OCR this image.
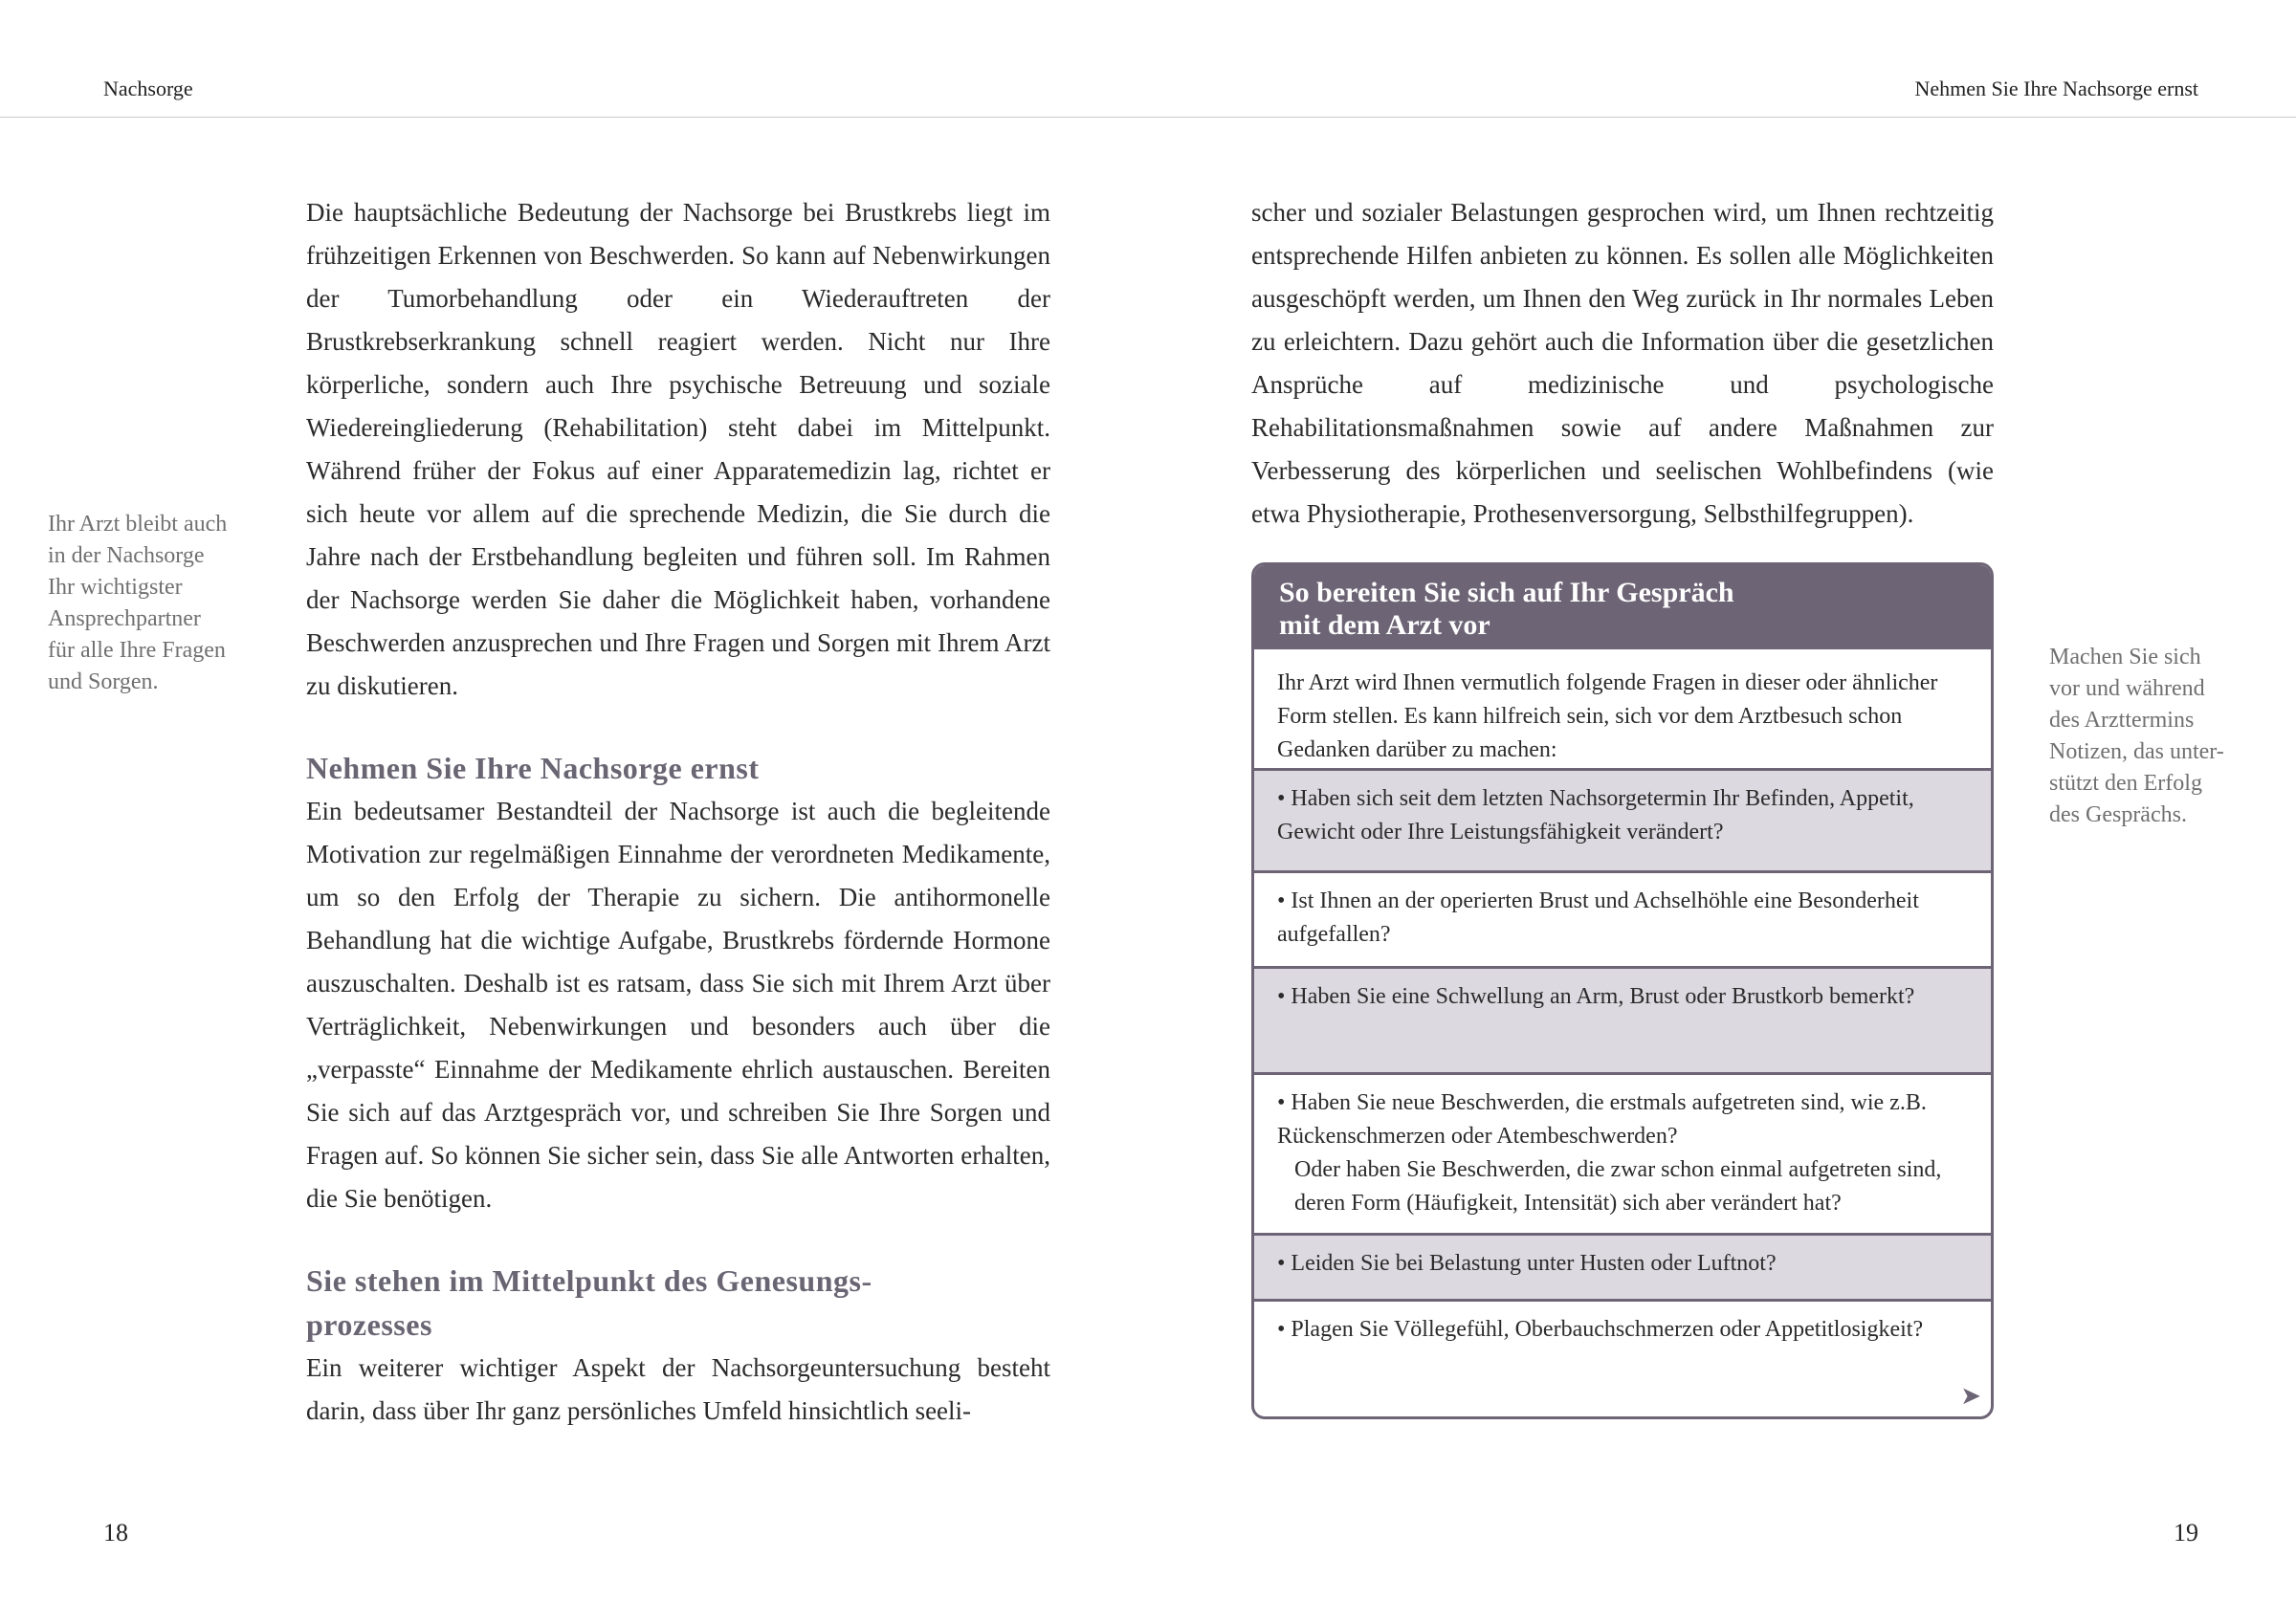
Nachsorge	Nehmen Sie Ihre Nachsorge ernst
Ihr Arzt bleibt auch
in der Nachsorge
Ihr wichtigster
Ansprechpartner
für alle Ihre Fragen
und Sorgen.

Die hauptsächliche Bedeutung der Nachsorge bei Brustkrebs liegt im frühzeitigen Erkennen von Beschwerden. So kann auf Nebenwirkungen der Tumorbehandlung oder ein Wiederauftreten der Brustkrebserkrankung schnell reagiert werden. Nicht nur Ihre körperliche, sondern auch Ihre psychische Betreuung und soziale Wiedereingliederung (Rehabilitation) steht dabei im Mittelpunkt. Während früher der Fokus auf einer Apparatemedizin lag, richtet er sich heute vor allem auf die sprechende Medizin, die Sie durch die Jahre nach der Erstbehandlung begleiten und führen soll. Im Rahmen der Nachsorge werden Sie daher die Möglichkeit haben, vorhandene Beschwerden anzusprechen und Ihre Fragen und Sorgen mit Ihrem Arzt zu diskutieren.

Nehmen Sie Ihre Nachsorge ernst

Ein bedeutsamer Bestandteil der Nachsorge ist auch die begleitende Motivation zur regelmäßigen Einnahme der verordneten Medikamente, um so den Erfolg der Therapie zu sichern. Die antihormonelle Behandlung hat die wichtige Aufgabe, Brustkrebs fördernde Hormone auszuschalten. Deshalb ist es ratsam, dass Sie sich mit Ihrem Arzt über Verträglichkeit, Nebenwirkungen und besonders auch über die „verpasste“ Einnahme der Medikamente ehrlich austauschen. Bereiten Sie sich auf das Arztgespräch vor, und schreiben Sie Ihre Sorgen und Fragen auf. So können Sie sicher sein, dass Sie alle Antworten erhalten, die Sie benötigen.

Sie stehen im Mittelpunkt des Genesungs-
prozesses

Ein weiterer wichtiger Aspekt der Nachsorgeuntersuchung besteht darin, dass über Ihr ganz persönliches Umfeld hinsichtlich seeli-

scher und sozialer Belastungen gesprochen wird, um Ihnen rechtzeitig entsprechende Hilfen anbieten zu können. Es sollen alle Möglichkeiten ausgeschöpft werden, um Ihnen den Weg zurück in Ihr normales Leben zu erleichtern. Dazu gehört auch die Information über die gesetzlichen Ansprüche auf medizinische und psychologische Rehabilitationsmaßnahmen sowie auf andere Maßnahmen zur Verbesserung des körperlichen und seelischen Wohlbefindens (wie etwa Physiotherapie, Prothesenversorgung, Selbsthilfegruppen).

So bereiten Sie sich auf Ihr Gespräch
mit dem Arzt vor
Ihr Arzt wird Ihnen vermutlich folgende Fragen in dieser oder ähnlicher Form stellen. Es kann hilfreich sein, sich vor dem Arztbesuch schon Gedanken darüber zu machen:
• Haben sich seit dem letzten Nachsorgetermin Ihr Befinden, Appetit, Gewicht oder Ihre Leistungsfähigkeit verändert?
• Ist Ihnen an der operierten Brust und Achselhöhle eine Besonderheit aufgefallen?
• Haben Sie eine Schwellung an Arm, Brust oder Brustkorb bemerkt?
• Haben Sie neue Beschwerden, die erstmals aufgetreten sind, wie z.B. Rückenschmerzen oder Atembeschwerden?
Oder haben Sie Beschwerden, die zwar schon einmal aufgetreten sind, deren Form (Häufigkeit, Intensität) sich aber verändert hat?
• Leiden Sie bei Belastung unter Husten oder Luftnot?
• Plagen Sie Völlegefühl, Oberbauchschmerzen oder Appetitlosigkeit?
➤
Machen Sie sich
vor und während
des Arzttermins
Notizen, das unter-
stützt den Erfolg
des Gesprächs.
18	19
